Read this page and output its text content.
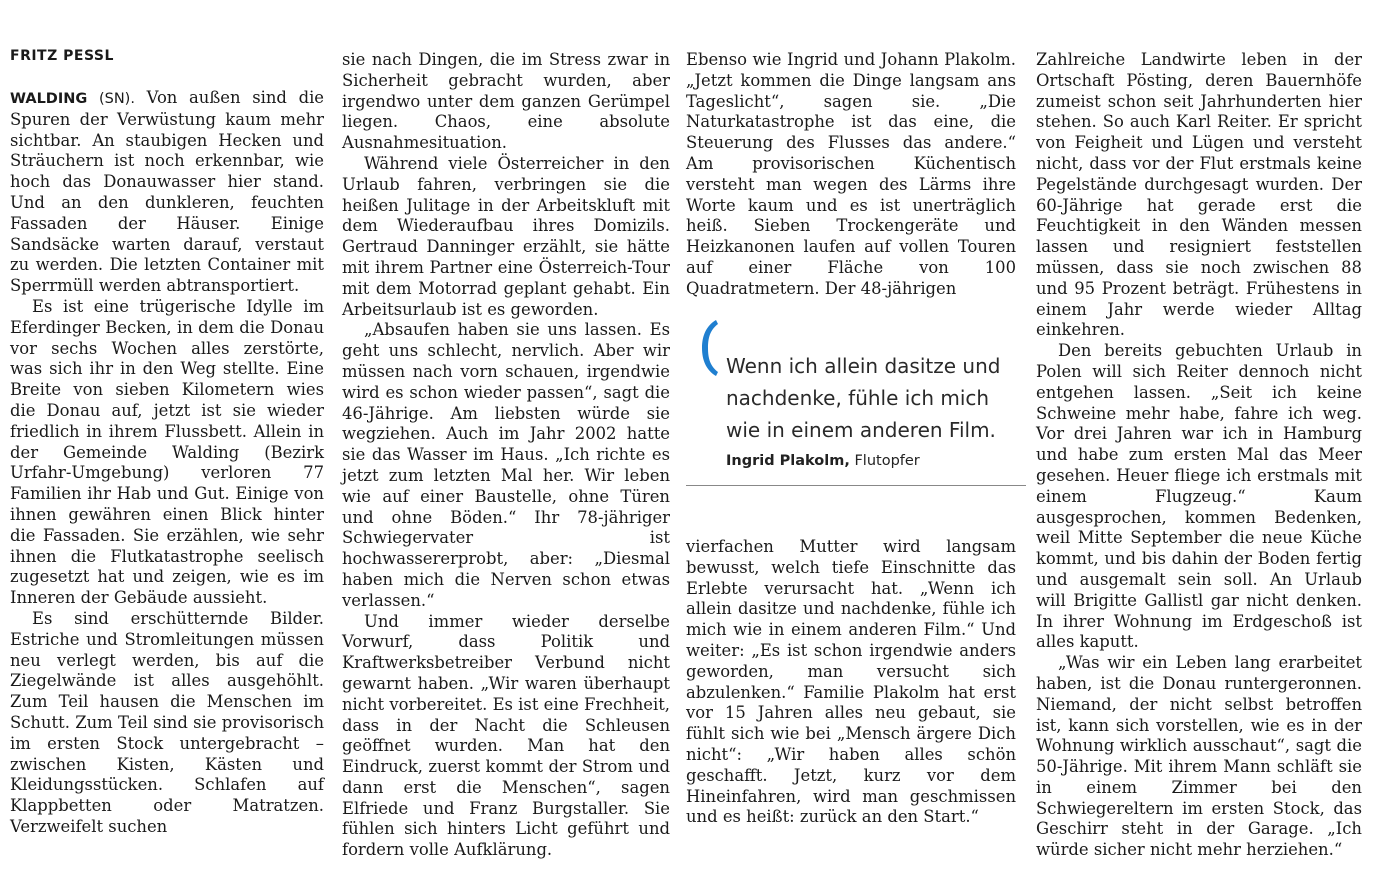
FRITZ PESSL

WALDING (SN). Von außen sind die Spuren der Verwüstung kaum mehr sichtbar. An staubigen Hecken und Sträuchern ist noch erkennbar, wie hoch das Donauwasser hier stand. Und an den dunkleren, feuchten Fassaden der Häuser. Einige Sandsäcke warten darauf, verstaut zu werden. Die letzten Container mit Sperrmüll werden abtransportiert.

Es ist eine trügerische Idylle im Eferdinger Becken, in dem die Donau vor sechs Wochen alles zerstörte, was sich ihr in den Weg stellte. Eine Breite von sieben Kilometern wies die Donau auf, jetzt ist sie wieder friedlich in ihrem Flussbett. Allein in der Gemeinde Walding (Bezirk Urfahr-Umgebung) verloren 77 Familien ihr Hab und Gut. Einige von ihnen gewähren einen Blick hinter die Fassaden. Sie erzählen, wie sehr ihnen die Flutkatastrophe seelisch zugesetzt hat und zeigen, wie es im Inneren der Gebäude aussieht.

Es sind erschütternde Bilder. Estriche und Stromleitungen müssen neu verlegt werden, bis auf die Ziegelwände ist alles ausgehöhlt. Zum Teil hausen die Menschen im Schutt. Zum Teil sind sie provisorisch im ersten Stock untergebracht – zwischen Kisten, Kästen und Kleidungsstücken. Schlafen auf Klappbetten oder Matratzen. Verzweifelt suchen

sie nach Dingen, die im Stress zwar in Sicherheit gebracht wurden, aber irgendwo unter dem ganzen Gerümpel liegen. Chaos, eine absolute Ausnahmesituation.

Während viele Österreicher in den Urlaub fahren, verbringen sie die heißen Julitage in der Arbeitskluft mit dem Wiederaufbau ihres Domizils. Gertraud Danninger erzählt, sie hätte mit ihrem Partner eine Österreich-Tour mit dem Motorrad geplant gehabt. Ein Arbeitsurlaub ist es geworden.

„Absaufen haben sie uns lassen. Es geht uns schlecht, nervlich. Aber wir müssen nach vorn schauen, irgendwie wird es schon wieder passen“, sagt die 46-Jährige. Am liebsten würde sie wegziehen. Auch im Jahr 2002 hatte sie das Wasser im Haus. „Ich richte es jetzt zum letzten Mal her. Wir leben wie auf einer Baustelle, ohne Türen und ohne Böden.“ Ihr 78-jähriger Schwiegervater ist hochwassererprobt, aber: „Diesmal haben mich die Nerven schon etwas verlassen.“

Und immer wieder derselbe Vorwurf, dass Politik und Kraftwerksbetreiber Verbund nicht gewarnt haben. „Wir waren überhaupt nicht vorbereitet. Es ist eine Frechheit, dass in der Nacht die Schleusen geöffnet wurden. Man hat den Eindruck, zuerst kommt der Strom und dann erst die Menschen“, sagen Elfriede und Franz Burgstaller. Sie fühlen sich hinters Licht geführt und fordern volle Aufklärung.

Ebenso wie Ingrid und Johann Plakolm. „Jetzt kommen die Dinge langsam ans Tageslicht“, sagen sie. „Die Naturkatastrophe ist das eine, die Steuerung des Flusses das andere.“ Am provisorischen Küchentisch versteht man wegen des Lärms ihre Worte kaum und es ist unerträglich heiß. Sieben Trockengeräte und Heizkanonen laufen auf vollen Touren auf einer Fläche von 100 Quadratmetern. Der 48-jährigen

Wenn ich allein dasitze und nachdenke, fühle ich mich wie in einem anderen Film.
Ingrid Plakolm, Flutopfer

vierfachen Mutter wird langsam bewusst, welch tiefe Einschnitte das Erlebte verursacht hat. „Wenn ich allein dasitze und nachdenke, fühle ich mich wie in einem anderen Film.“ Und weiter: „Es ist schon irgendwie anders geworden, man versucht sich abzulenken.“ Familie Plakolm hat erst vor 15 Jahren alles neu gebaut, sie fühlt sich wie bei „Mensch ärgere Dich nicht“: „Wir haben alles schön geschafft. Jetzt, kurz vor dem Hineinfahren, wird man geschmissen und es heißt: zurück an den Start.“

Zahlreiche Landwirte leben in der Ortschaft Pösting, deren Bauernhöfe zumeist schon seit Jahrhunderten hier stehen. So auch Karl Reiter. Er spricht von Feigheit und Lügen und versteht nicht, dass vor der Flut erstmals keine Pegelstände durchgesagt wurden. Der 60-Jährige hat gerade erst die Feuchtigkeit in den Wänden messen lassen und resigniert feststellen müssen, dass sie noch zwischen 88 und 95 Prozent beträgt. Frühestens in einem Jahr werde wieder Alltag einkehren.

Den bereits gebuchten Urlaub in Polen will sich Reiter dennoch nicht entgehen lassen. „Seit ich keine Schweine mehr habe, fahre ich weg. Vor drei Jahren war ich in Hamburg und habe zum ersten Mal das Meer gesehen. Heuer fliege ich erstmals mit einem Flugzeug.“ Kaum ausgesprochen, kommen Bedenken, weil Mitte September die neue Küche kommt, und bis dahin der Boden fertig und ausgemalt sein soll. An Urlaub will Brigitte Gallistl gar nicht denken. In ihrer Wohnung im Erdgeschoß ist alles kaputt.

„Was wir ein Leben lang erarbeitet haben, ist die Donau runtergeronnen. Niemand, der nicht selbst betroffen ist, kann sich vorstellen, wie es in der Wohnung wirklich ausschaut“, sagt die 50-Jährige. Mit ihrem Mann schläft sie in einem Zimmer bei den Schwiegereltern im ersten Stock, das Geschirr steht in der Garage. „Ich würde sicher nicht mehr herziehen.“
